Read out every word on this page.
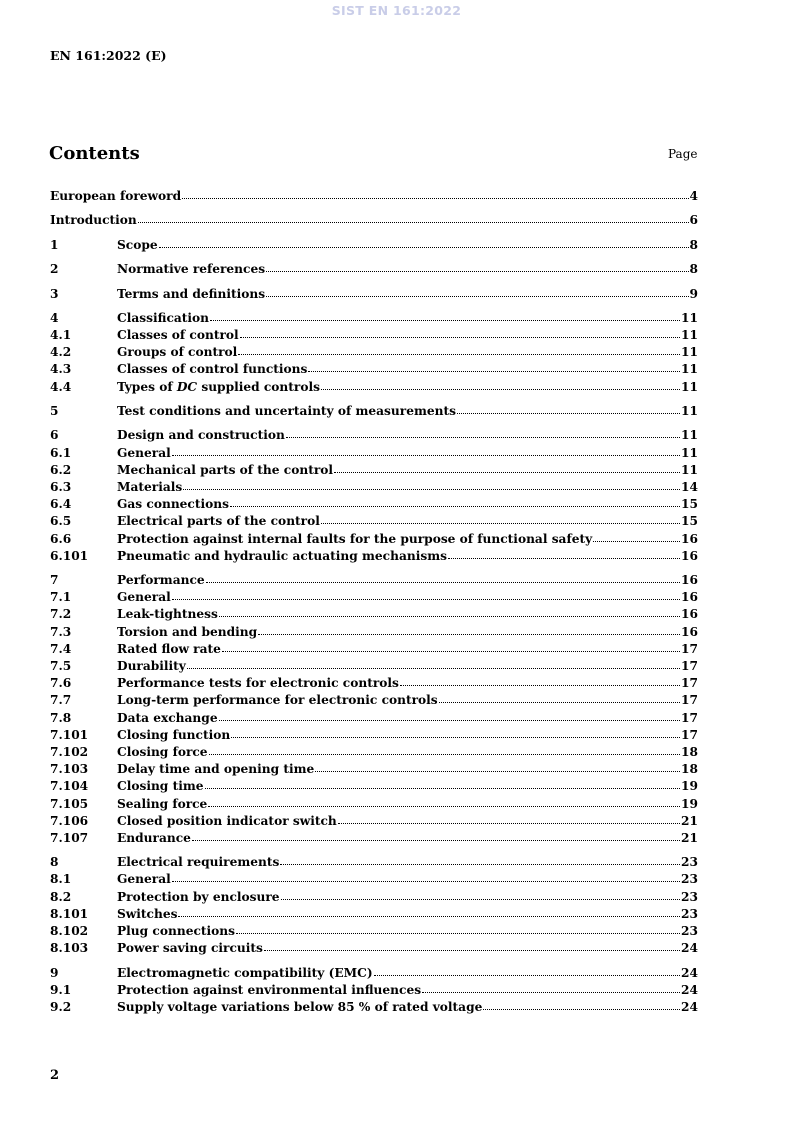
SIST EN 161:2022
EN 161:2022 (E)
Contents	Page
European foreword	4
Introduction	6
1	Scope	8
2	Normative references	8
3	Terms and definitions	9
4	Classification	11
4.1	Classes of control	11
4.2	Groups of control	11
4.3	Classes of control functions	11
4.4	Types of DC supplied controls	11
5	Test conditions and uncertainty of measurements	11
6	Design and construction	11
6.1	General	11
6.2	Mechanical parts of the control	11
6.3	Materials	14
6.4	Gas connections	15
6.5	Electrical parts of the control	15
6.6	Protection against internal faults for the purpose of functional safety	16
6.101	Pneumatic and hydraulic actuating mechanisms	16
7	Performance	16
7.1	General	16
7.2	Leak-tightness	16
7.3	Torsion and bending	16
7.4	Rated flow rate	17
7.5	Durability	17
7.6	Performance tests for electronic controls	17
7.7	Long-term performance for electronic controls	17
7.8	Data exchange	17
7.101	Closing function	17
7.102	Closing force	18
7.103	Delay time and opening time	18
7.104	Closing time	19
7.105	Sealing force	19
7.106	Closed position indicator switch	21
7.107	Endurance	21
8	Electrical requirements	23
8.1	General	23
8.2	Protection by enclosure	23
8.101	Switches	23
8.102	Plug connections	23
8.103	Power saving circuits	24
9	Electromagnetic compatibility (EMC)	24
9.1	Protection against environmental influences	24
9.2	Supply voltage variations below 85 % of rated voltage	24
2
